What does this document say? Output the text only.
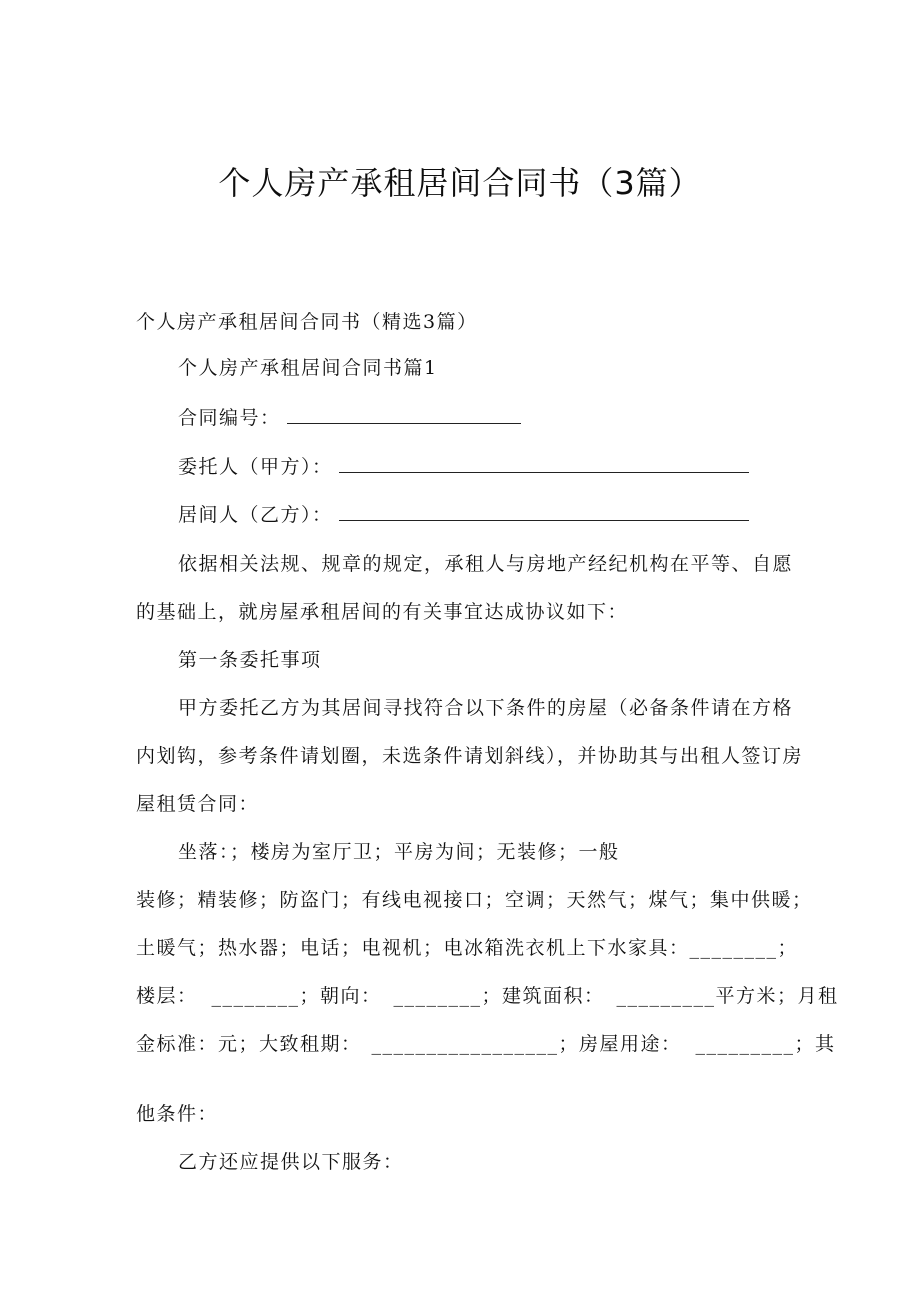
个人房产承租居间合同书（3篇）

个人房产承租居间合同书（精选3篇）

个人房产承租居间合同书篇1

合同编号：

委托人（甲方）：

居间人（乙方）：

依据相关法规、规章的规定，承租人与房地产经纪机构在平等、自愿

的基础上，就房屋承租居间的有关事宜达成协议如下：

第一条委托事项

甲方委托乙方为其居间寻找符合以下条件的房屋（必备条件请在方格

内划钩，参考条件请划圈，未选条件请划斜线），并协助其与出租人签订房

屋租赁合同：

坐落：；楼房为室厅卫；平房为间；无装修；一般

装修；精装修；防盗门；有线电视接口；空调；天然气；煤气；集中供暖；

土暖气；热水器；电话；电视机；电冰箱洗衣机上下水家具：________；

楼层： ________；朝向： ________；建筑面积： _________平方米；月租

金标准：元；大致租期： _________________；房屋用途： _________；其

他条件：

乙方还应提供以下服务：
